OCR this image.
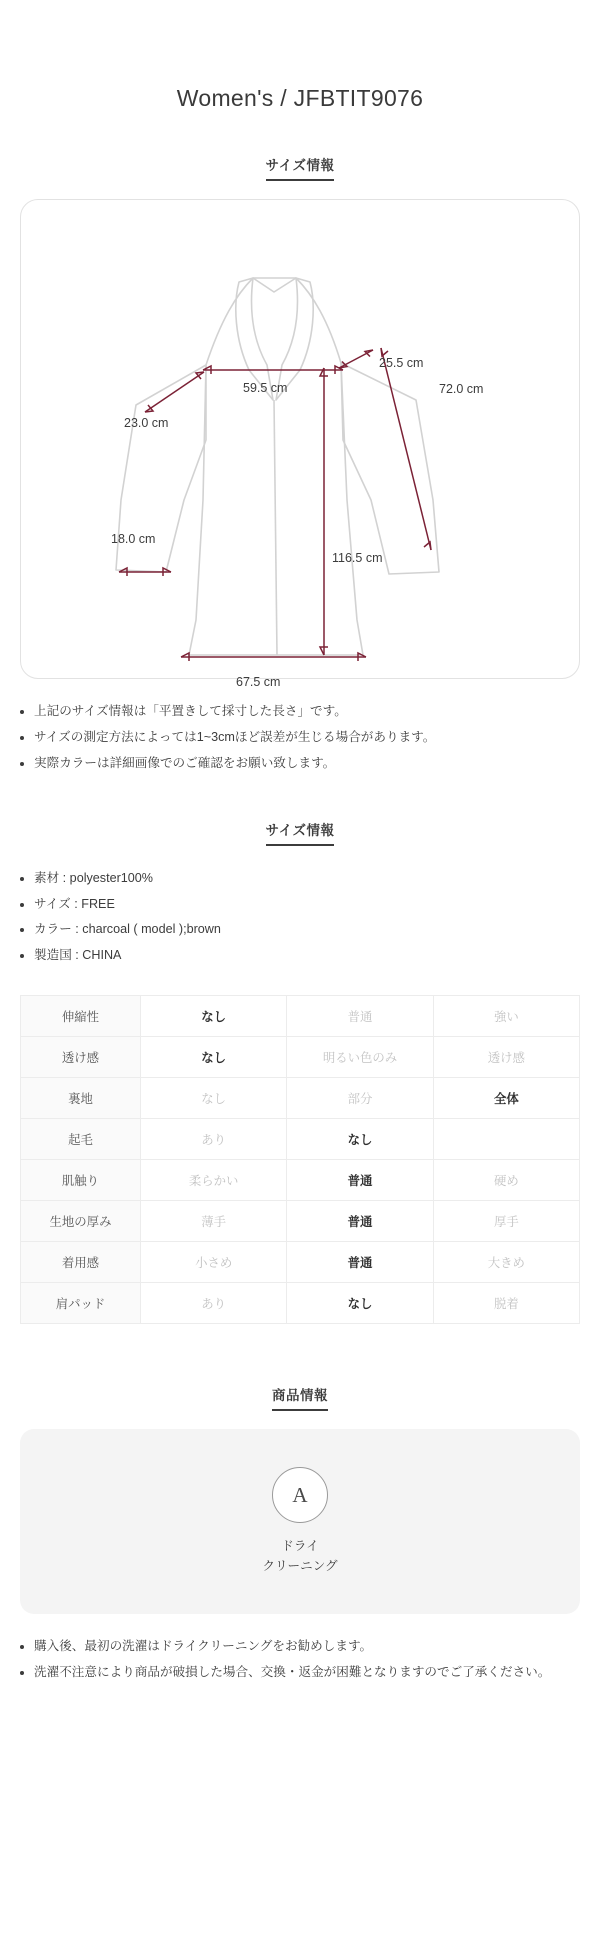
Women's / JFBTIT9076
サイズ情報
25.5 cm
72.0 cm
59.5 cm
23.0 cm
18.0 cm
116.5 cm
67.5 cm
上記のサイズ情報は「平置きして採寸した長さ」です。
サイズの測定方法によっては1~3cmほど誤差が生じる場合があります。
実際カラーは詳細画像でのご確認をお願い致します。
サイズ情報
素材 : polyester100%
サイズ : FREE
カラー : charcoal ( model );brown
製造国 : CHINA
伸縮性	なし	普通	強い
透け感	なし	明るい色のみ	透け感
裏地	なし	部分	全体
起毛	あり	なし	
肌触り	柔らかい	普通	硬め
生地の厚み	薄手	普通	厚手
着用感	小さめ	普通	大きめ
肩パッド	あり	なし	脱着
商品情報
A
ドライ
クリーニング
購入後、最初の洗濯はドライクリーニングをお勧めします。
洗濯不注意により商品が破損した場合、交換・返金が困難となりますのでご了承ください。
